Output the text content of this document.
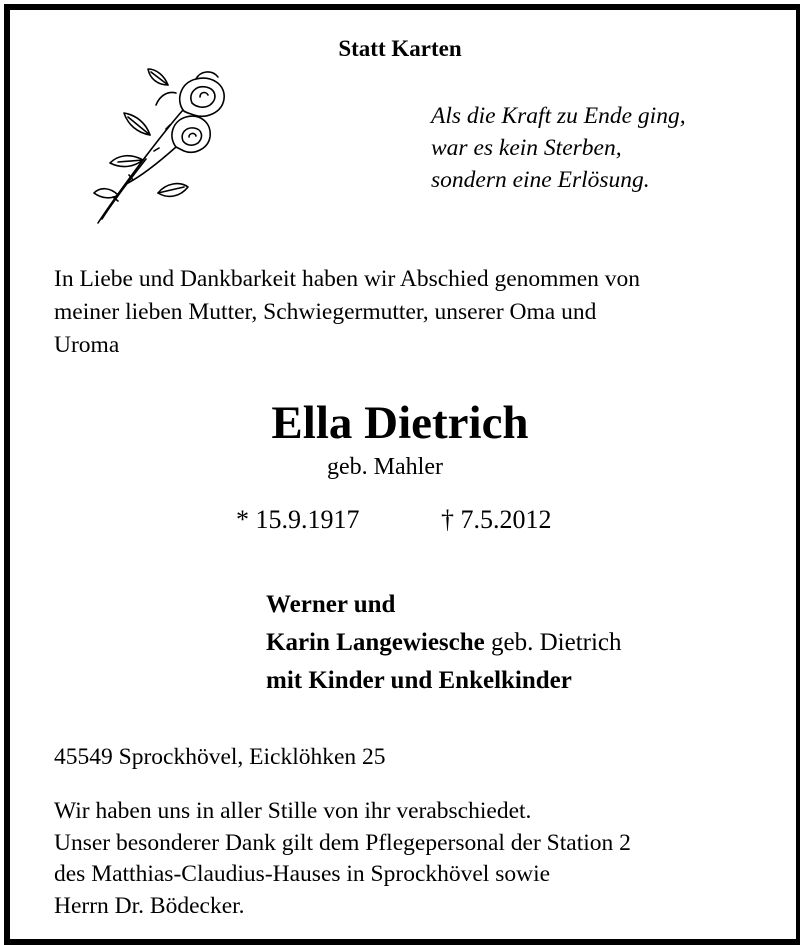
Statt Karten
Als die Kraft zu Ende ging,
war es kein Sterben,
sondern eine Erlösung.
In Liebe und Dankbarkeit haben wir Abschied genommen von
meiner lieben Mutter, Schwiegermutter, unserer Oma und
Uroma
Ella Dietrich
geb. Mahler
* 15.9.1917	† 7.5.2012
Werner und
Karin Langewiesche geb. Dietrich
mit Kinder und Enkelkinder
45549 Sprockhövel, Eicklöhken 25
Wir haben uns in aller Stille von ihr verabschiedet.
Unser besonderer Dank gilt dem Pflegepersonal der Station 2
des Matthias-Claudius-Hauses in Sprockhövel sowie
Herrn Dr. Bödecker.
